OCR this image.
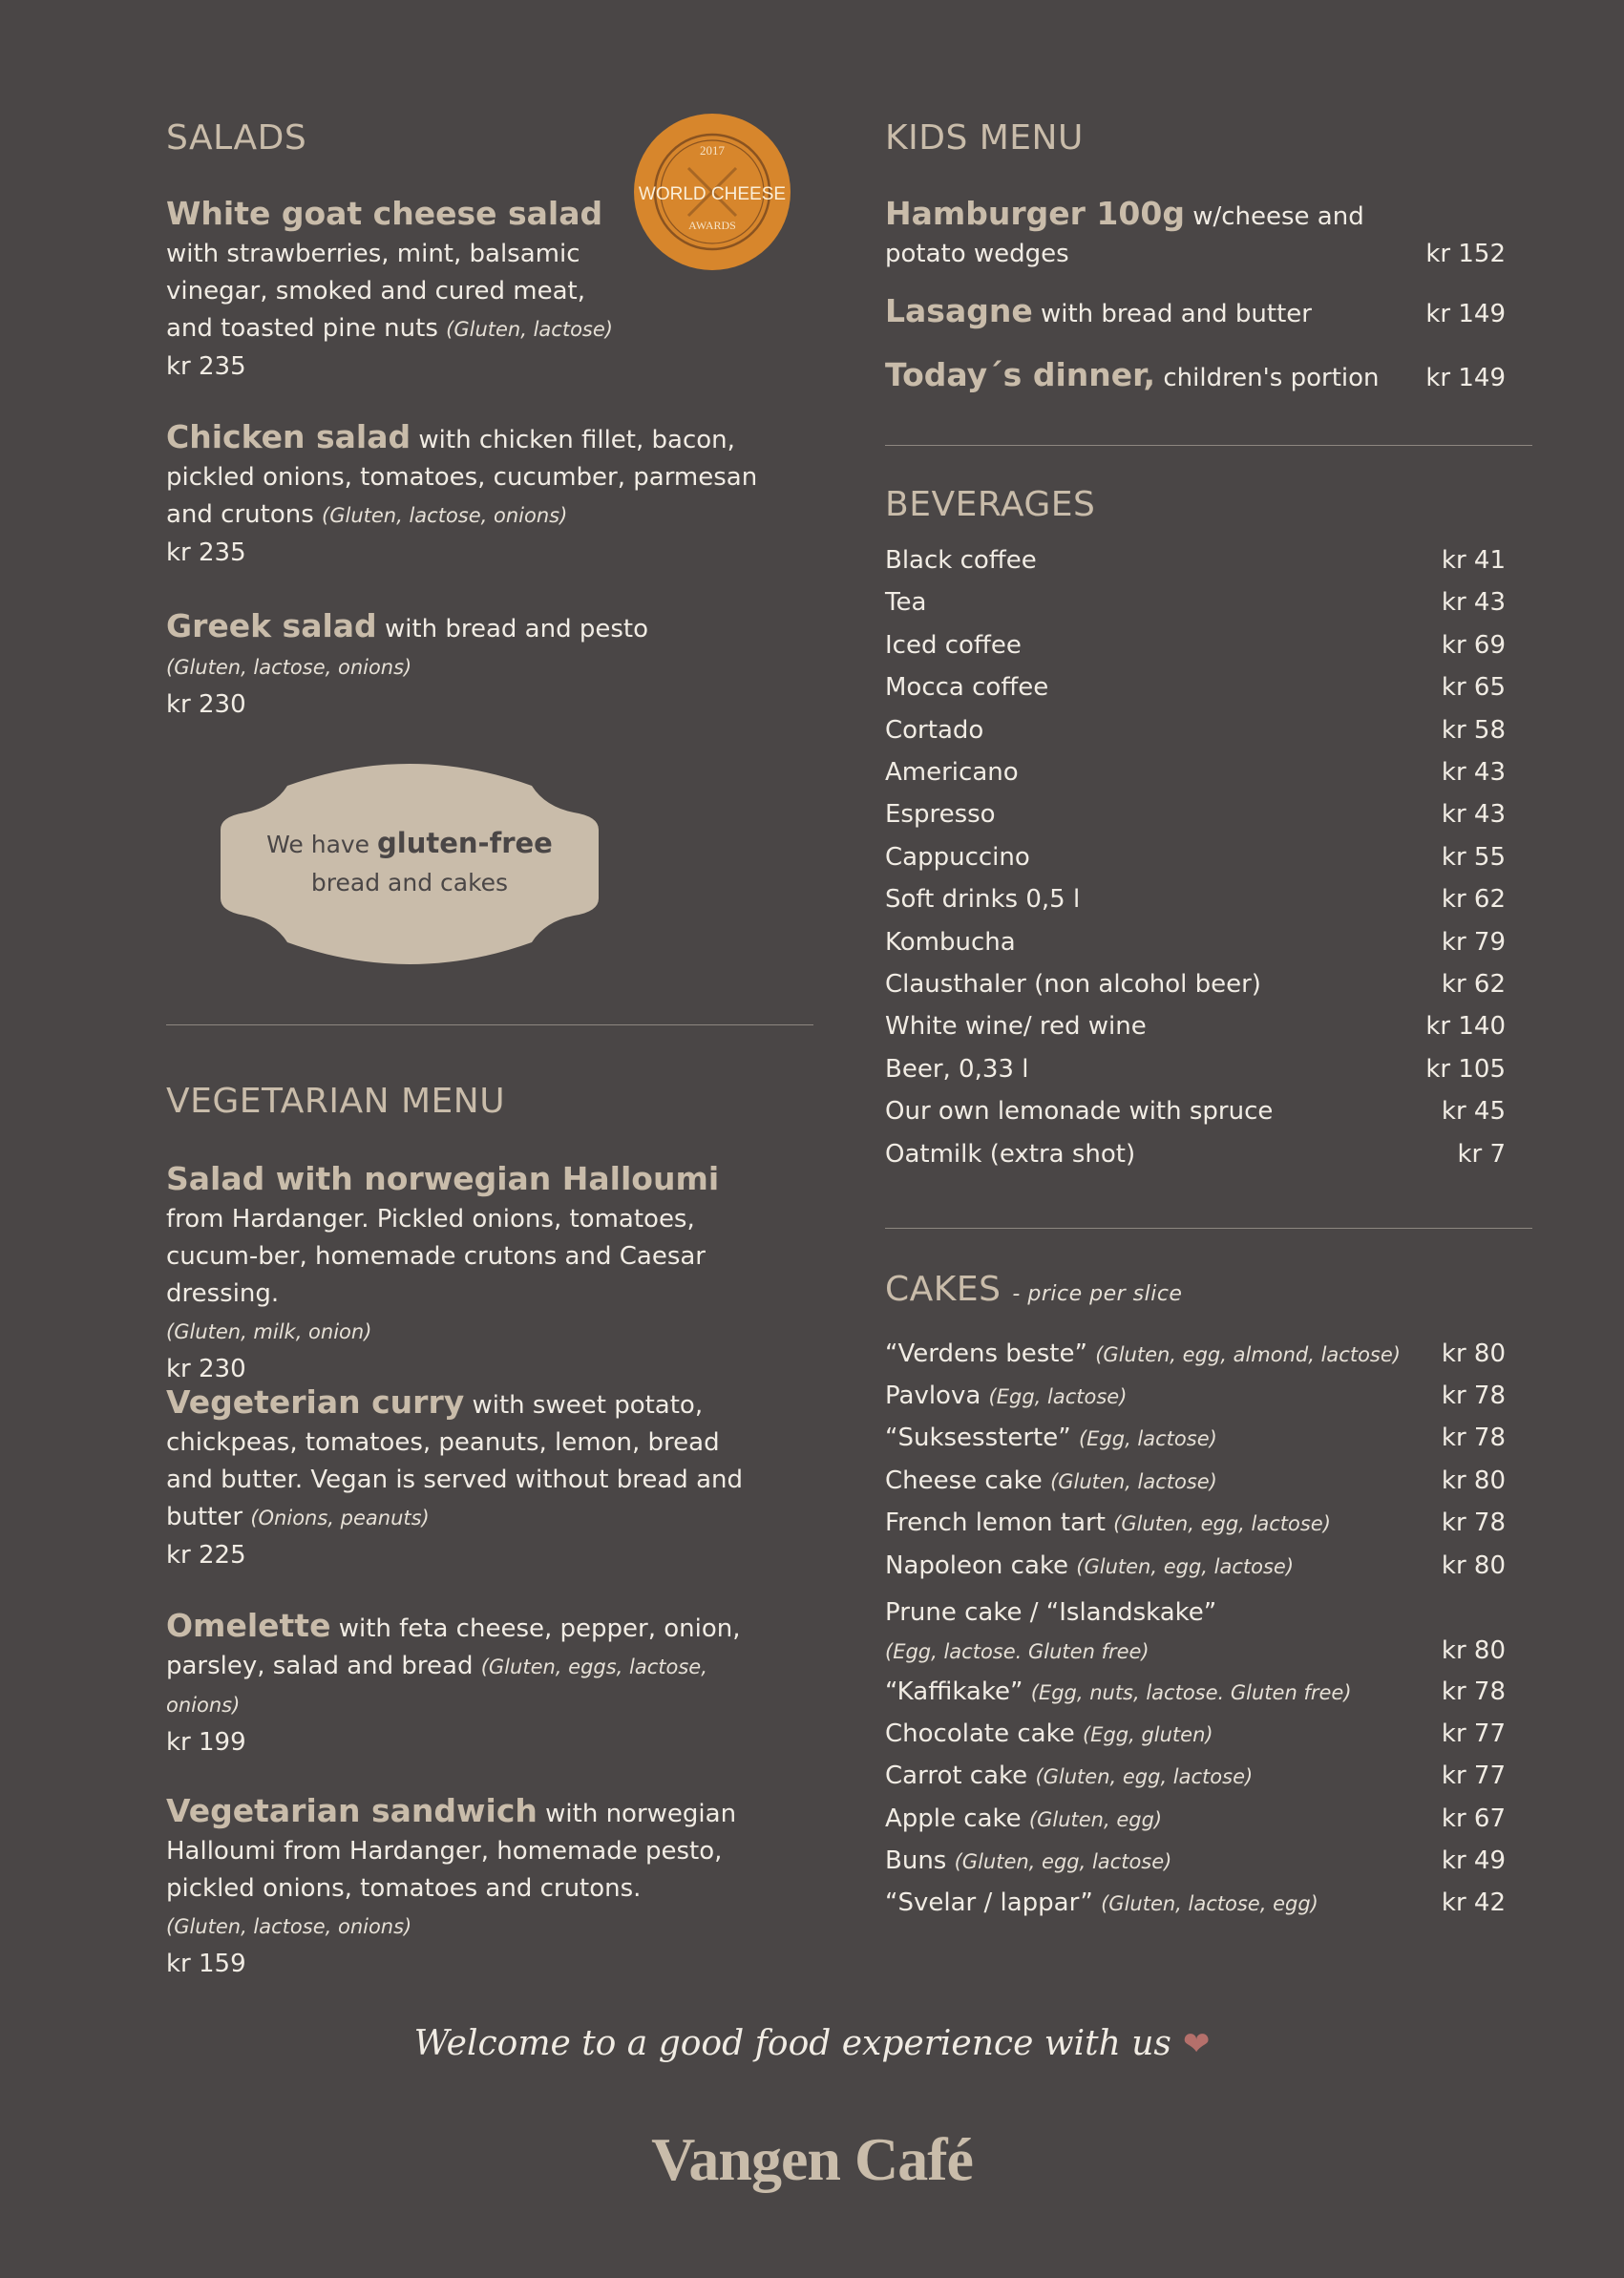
SALADS
White goat cheese salad
with strawberries, mint, balsamic vinegar, smoked and cured meat, and toasted pine nuts (Gluten, lactose)
kr 235
Chicken salad with chicken fillet, bacon, pickled onions, tomatoes, cucumber, parmesan and crutons (Gluten, lactose, onions)
kr 235
Greek salad with bread and pesto
(Gluten, lactose, onions)
kr 230
VEGETARIAN MENU
Salad with norwegian Halloumi from Hardanger. Pickled onions, tomatoes, cucum-ber, homemade crutons and Caesar dressing.
(Gluten, milk, onion)
kr 230
Vegeterian curry with sweet potato, chickpeas, tomatoes, peanuts, lemon, bread and butter. Vegan is served without bread and butter (Onions, peanuts)
kr 225
Omelette with feta cheese, pepper, onion, parsley, salad and bread (Gluten, eggs, lactose, onions)
kr 199
Vegetarian sandwich with norwegian Halloumi from Hardanger, homemade pesto, pickled onions, tomatoes and crutons.
(Gluten, lactose, onions)
kr 159
2017
WORLD CHEESE
AWARDS
We have gluten-free
bread and cakes
KIDS MENU
Hamburger 100g w/cheese and
potato wedges	kr 152
Lasagne with bread and butter	kr 149
Today´s dinner, children's portion kr 149
BEVERAGES
Black coffee	kr 41
Tea	kr 43
Iced coffee	kr 69
Mocca coffee	kr 65
Cortado	kr 58
Americano	kr 43
Espresso	kr 43
Cappuccino	kr 55
Soft drinks 0,5 l	kr 62
Kombucha	kr 79
Clausthaler (non alcohol beer)	kr 62
White wine/ red wine	kr 140
Beer, 0,33 l	kr 105
Our own lemonade with spruce	kr 45
Oatmilk (extra shot)	kr 7
CAKES - price per slice
“Verdens beste” (Gluten, egg, almond, lactose) kr 80
Pavlova (Egg, lactose)	kr 78
“Suksessterte” (Egg, lactose)	kr 78
Cheese cake (Gluten, lactose)	kr 80
French lemon tart (Gluten, egg, lactose)	kr 78
Napoleon cake (Gluten, egg, lactose)	kr 80
Prune cake / “Islandskake”
(Egg, lactose. Gluten free)	kr 80
“Kaffikake” (Egg, nuts, lactose. Gluten free)	kr 78
Chocolate cake (Egg, gluten)	kr 77
Carrot cake (Gluten, egg, lactose)	kr 77
Apple cake (Gluten, egg)	kr 67
Buns (Gluten, egg, lactose)	kr 49
“Svelar / lappar” (Gluten, lactose, egg)	kr 42
Welcome to a good food experience with us ❤
Vangen Café
